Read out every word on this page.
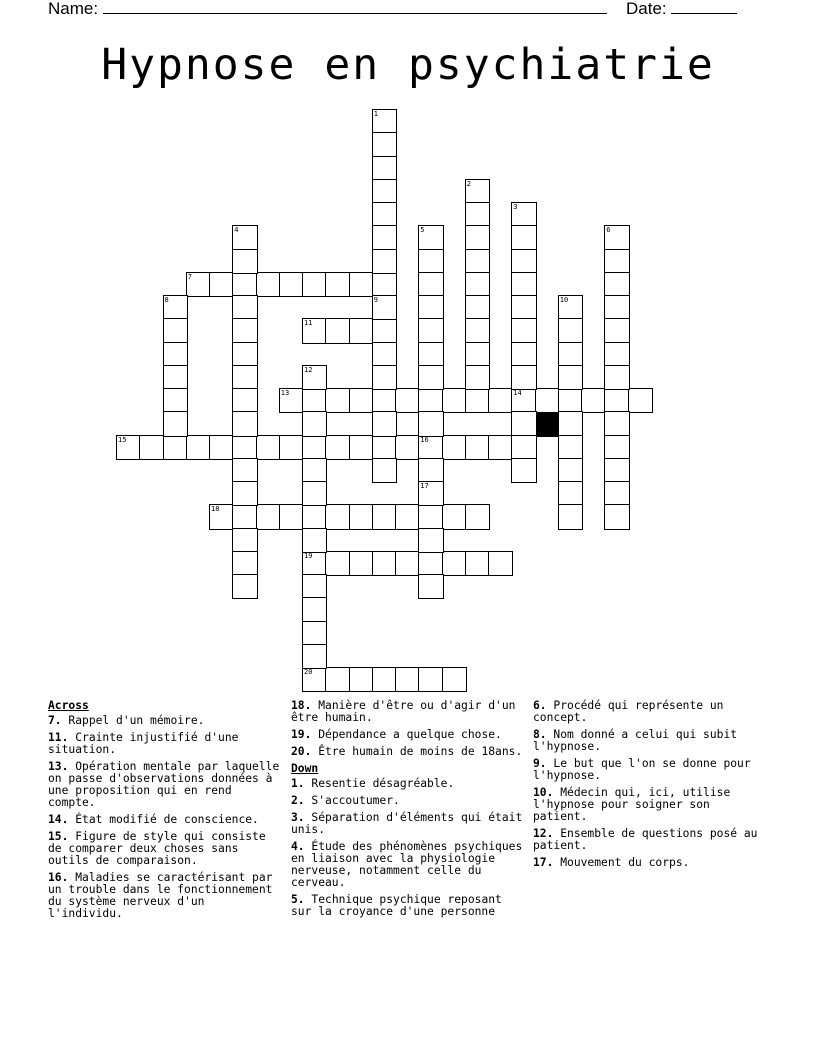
Name:	Date:
Hypnose en psychiatrie
7
11
13	14
15	16
18
19
20
1
2
3
4	5	6
8	9	10
12
17
Across
7. Rappel d'un mémoire.
11. Crainte injustifié d'une situation.
13. Opération mentale par laquelle on passe d'observations données à une proposition qui en rend compte.
14. État modifié de conscience.
15. Figure de style qui consiste de comparer deux choses sans outils de comparaison.
16. Maladies se caractérisant par un trouble dans le fonctionnement du système nerveux d'un l'individu.
18. Manière d'être ou d'agir d'un être humain.
19. Dépendance a quelque chose.
20. Être humain de moins de 18ans.
Down
1. Resentie désagréable.
2. S'accoutumer.
3. Séparation d'éléments qui était unis.
4. Étude des phénomènes psychiques en liaison avec la physiologie nerveuse, notamment celle du cerveau.
5. Technique psychique reposant sur la croyance d'une personne
6. Procédé qui représente un concept.
8. Nom donné a celui qui subit l'hypnose.
9. Le but que l'on se donne pour l'hypnose.
10. Médecin qui, ici, utilise l'hypnose pour soigner son patient.
12. Ensemble de questions posé au patient.
17. Mouvement du corps.
